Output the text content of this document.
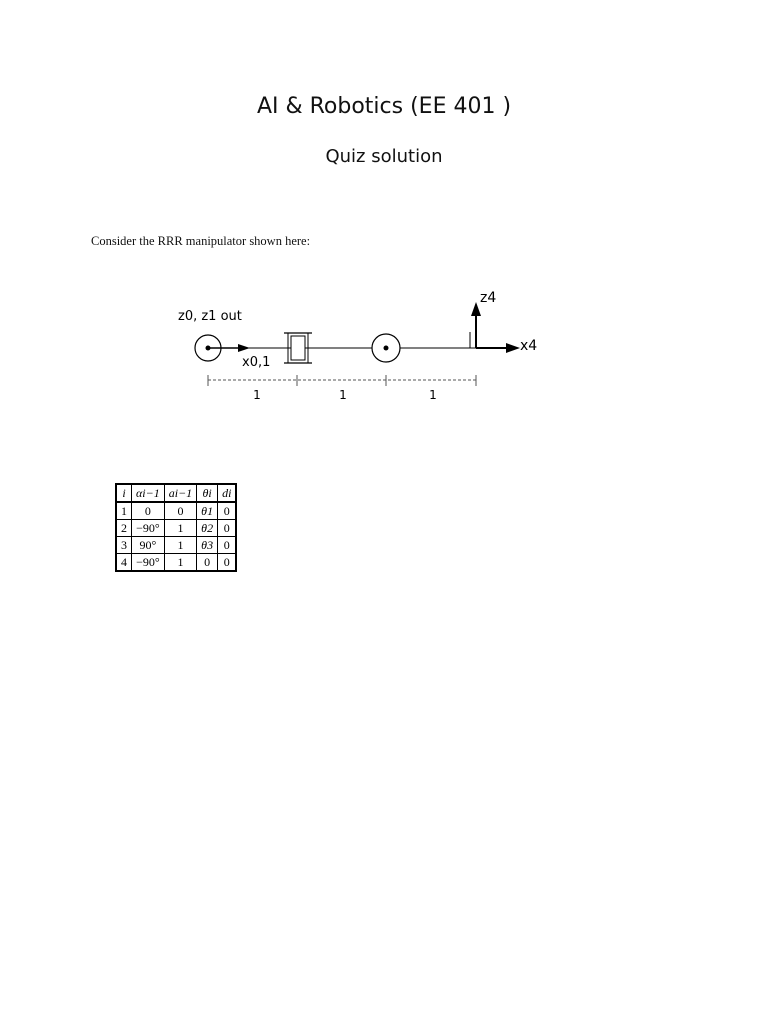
AI & Robotics (EE 401 )
Quiz solution
Consider the RRR manipulator shown here:
z0, z1 out
x0,1
z4
x4
1	1	1
i	αi−1	ai−1	θi	di
1	0	0	θ1	0
2	−90°	1	θ2	0
3	90°	1	θ3	0
4	−90°	1	0	0
